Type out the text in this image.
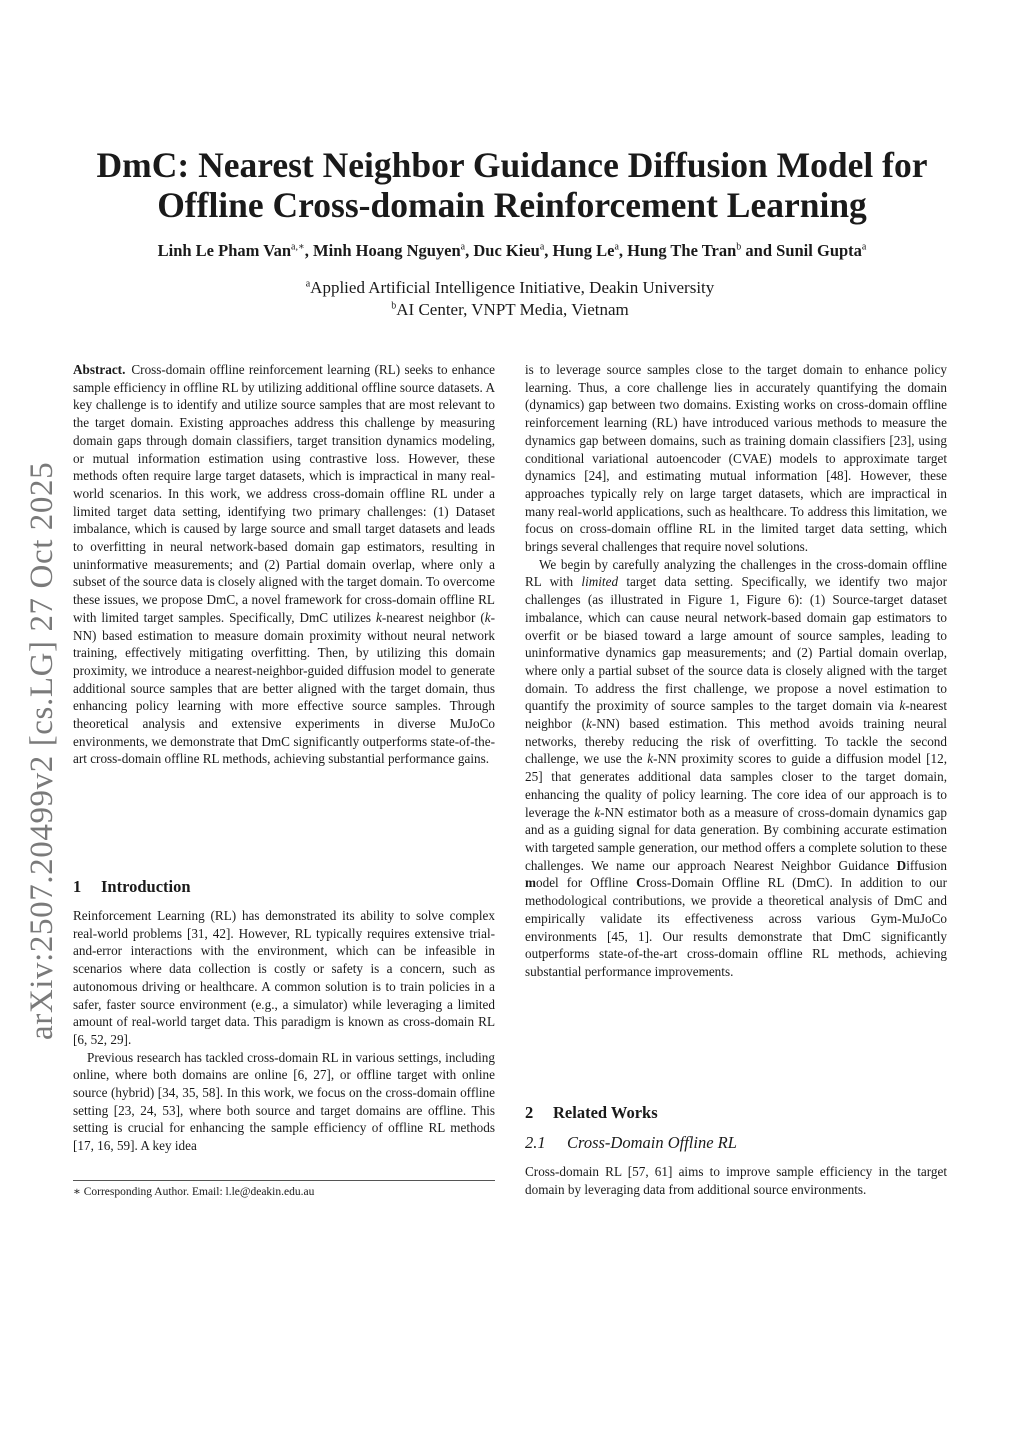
arXiv:2507.20499v2 [cs.LG] 27 Oct 2025
DmC: Nearest Neighbor Guidance Diffusion Model for
Offline Cross-domain Reinforcement Learning
Linh Le Pham Van$^{a,∗}$, Minh Hoang Nguyen$^a$, Duc Kieu$^a$, Hung Le$^a$, Hung The Tran$^b$ and Sunil Gupta$^a$
$^a$Applied Artificial Intelligence Initiative, Deakin University
$^b$AI Center, VNPT Media, Vietnam

Abstract. Cross-domain offline reinforcement learning (RL) seeks to enhance sample efficiency in offline RL by utilizing additional offline source datasets. A key challenge is to identify and utilize source samples that are most relevant to the target domain. Existing approaches address this challenge by measuring domain gaps through domain classifiers, target transition dynamics modeling, or mutual information estimation using contrastive loss. However, these methods often require large target datasets, which is impractical in many real-world scenarios. In this work, we address cross-domain offline RL under a limited target data setting, identifying two primary challenges: (1) Dataset imbalance, which is caused by large source and small target datasets and leads to overfitting in neural network-based domain gap estimators, resulting in uninformative measurements; and (2) Partial domain overlap, where only a subset of the source data is closely aligned with the target domain. To overcome these issues, we propose DmC, a novel framework for cross-domain offline RL with limited target samples. Specifically, DmC utilizes k-nearest neighbor (k-NN) based estimation to measure domain proximity without neural network training, effectively mitigating overfitting. Then, by utilizing this domain proximity, we introduce a nearest-neighbor-guided diffusion model to generate additional source samples that are better aligned with the target domain, thus enhancing policy learning with more effective source samples. Through theoretical analysis and extensive experiments in diverse MuJoCo environments, we demonstrate that DmC significantly outperforms state-of-the-art cross-domain offline RL methods, achieving substantial performance gains.

1 Introduction

Reinforcement Learning (RL) has demonstrated its ability to solve complex real-world problems [31, 42]. However, RL typically requires extensive trial-and-error interactions with the environment, which can be infeasible in scenarios where data collection is costly or safety is a concern, such as autonomous driving or healthcare. A common solution is to train policies in a safer, faster source environment (e.g., a simulator) while leveraging a limited amount of real-world target data. This paradigm is known as cross-domain RL [6, 52, 29].

Previous research has tackled cross-domain RL in various settings, including online, where both domains are online [6, 27], or offline target with online source (hybrid) [34, 35, 58]. In this work, we focus on the cross-domain offline setting [23, 24, 53], where both source and target domains are offline. This setting is crucial for enhancing the sample efficiency of offline RL methods [17, 16, 59]. A key idea

∗ Corresponding Author. Email: l.le@deakin.edu.au

is to leverage source samples close to the target domain to enhance policy learning. Thus, a core challenge lies in accurately quantifying the domain (dynamics) gap between two domains. Existing works on cross-domain offline reinforcement learning (RL) have introduced various methods to measure the dynamics gap between domains, such as training domain classifiers [23], using conditional variational autoencoder (CVAE) models to approximate target dynamics [24], and estimating mutual information [48]. However, these approaches typically rely on large target datasets, which are impractical in many real-world applications, such as healthcare. To address this limitation, we focus on cross-domain offline RL in the limited target data setting, which brings several challenges that require novel solutions.

We begin by carefully analyzing the challenges in the cross-domain offline RL with limited target data setting. Specifically, we identify two major challenges (as illustrated in Figure 1, Figure 6): (1) Source-target dataset imbalance, which can cause neural network-based domain gap estimators to overfit or be biased toward a large amount of source samples, leading to uninformative dynamics gap measurements; and (2) Partial domain overlap, where only a partial subset of the source data is closely aligned with the target domain. To address the first challenge, we propose a novel estimation to quantify the proximity of source samples to the target domain via k-nearest neighbor (k-NN) based estimation. This method avoids training neural networks, thereby reducing the risk of overfitting. To tackle the second challenge, we use the k-NN proximity scores to guide a diffusion model [12, 25] that generates additional data samples closer to the target domain, enhancing the quality of policy learning. The core idea of our approach is to leverage the k-NN estimator both as a measure of cross-domain dynamics gap and as a guiding signal for data generation. By combining accurate estimation with targeted sample generation, our method offers a complete solution to these challenges. We name our approach Nearest Neighbor Guidance Diffusion model for Offline Cross-Domain Offline RL (DmC). In addition to our methodological contributions, we provide a theoretical analysis of DmC and empirically validate its effectiveness across various Gym-MuJoCo environments [45, 1]. Our results demonstrate that DmC significantly outperforms state-of-the-art cross-domain offline RL methods, achieving substantial performance improvements.

2 Related Works
2.1 Cross-Domain Offline RL

Cross-domain RL [57, 61] aims to improve sample efficiency in the target domain by leveraging data from additional source environments.
